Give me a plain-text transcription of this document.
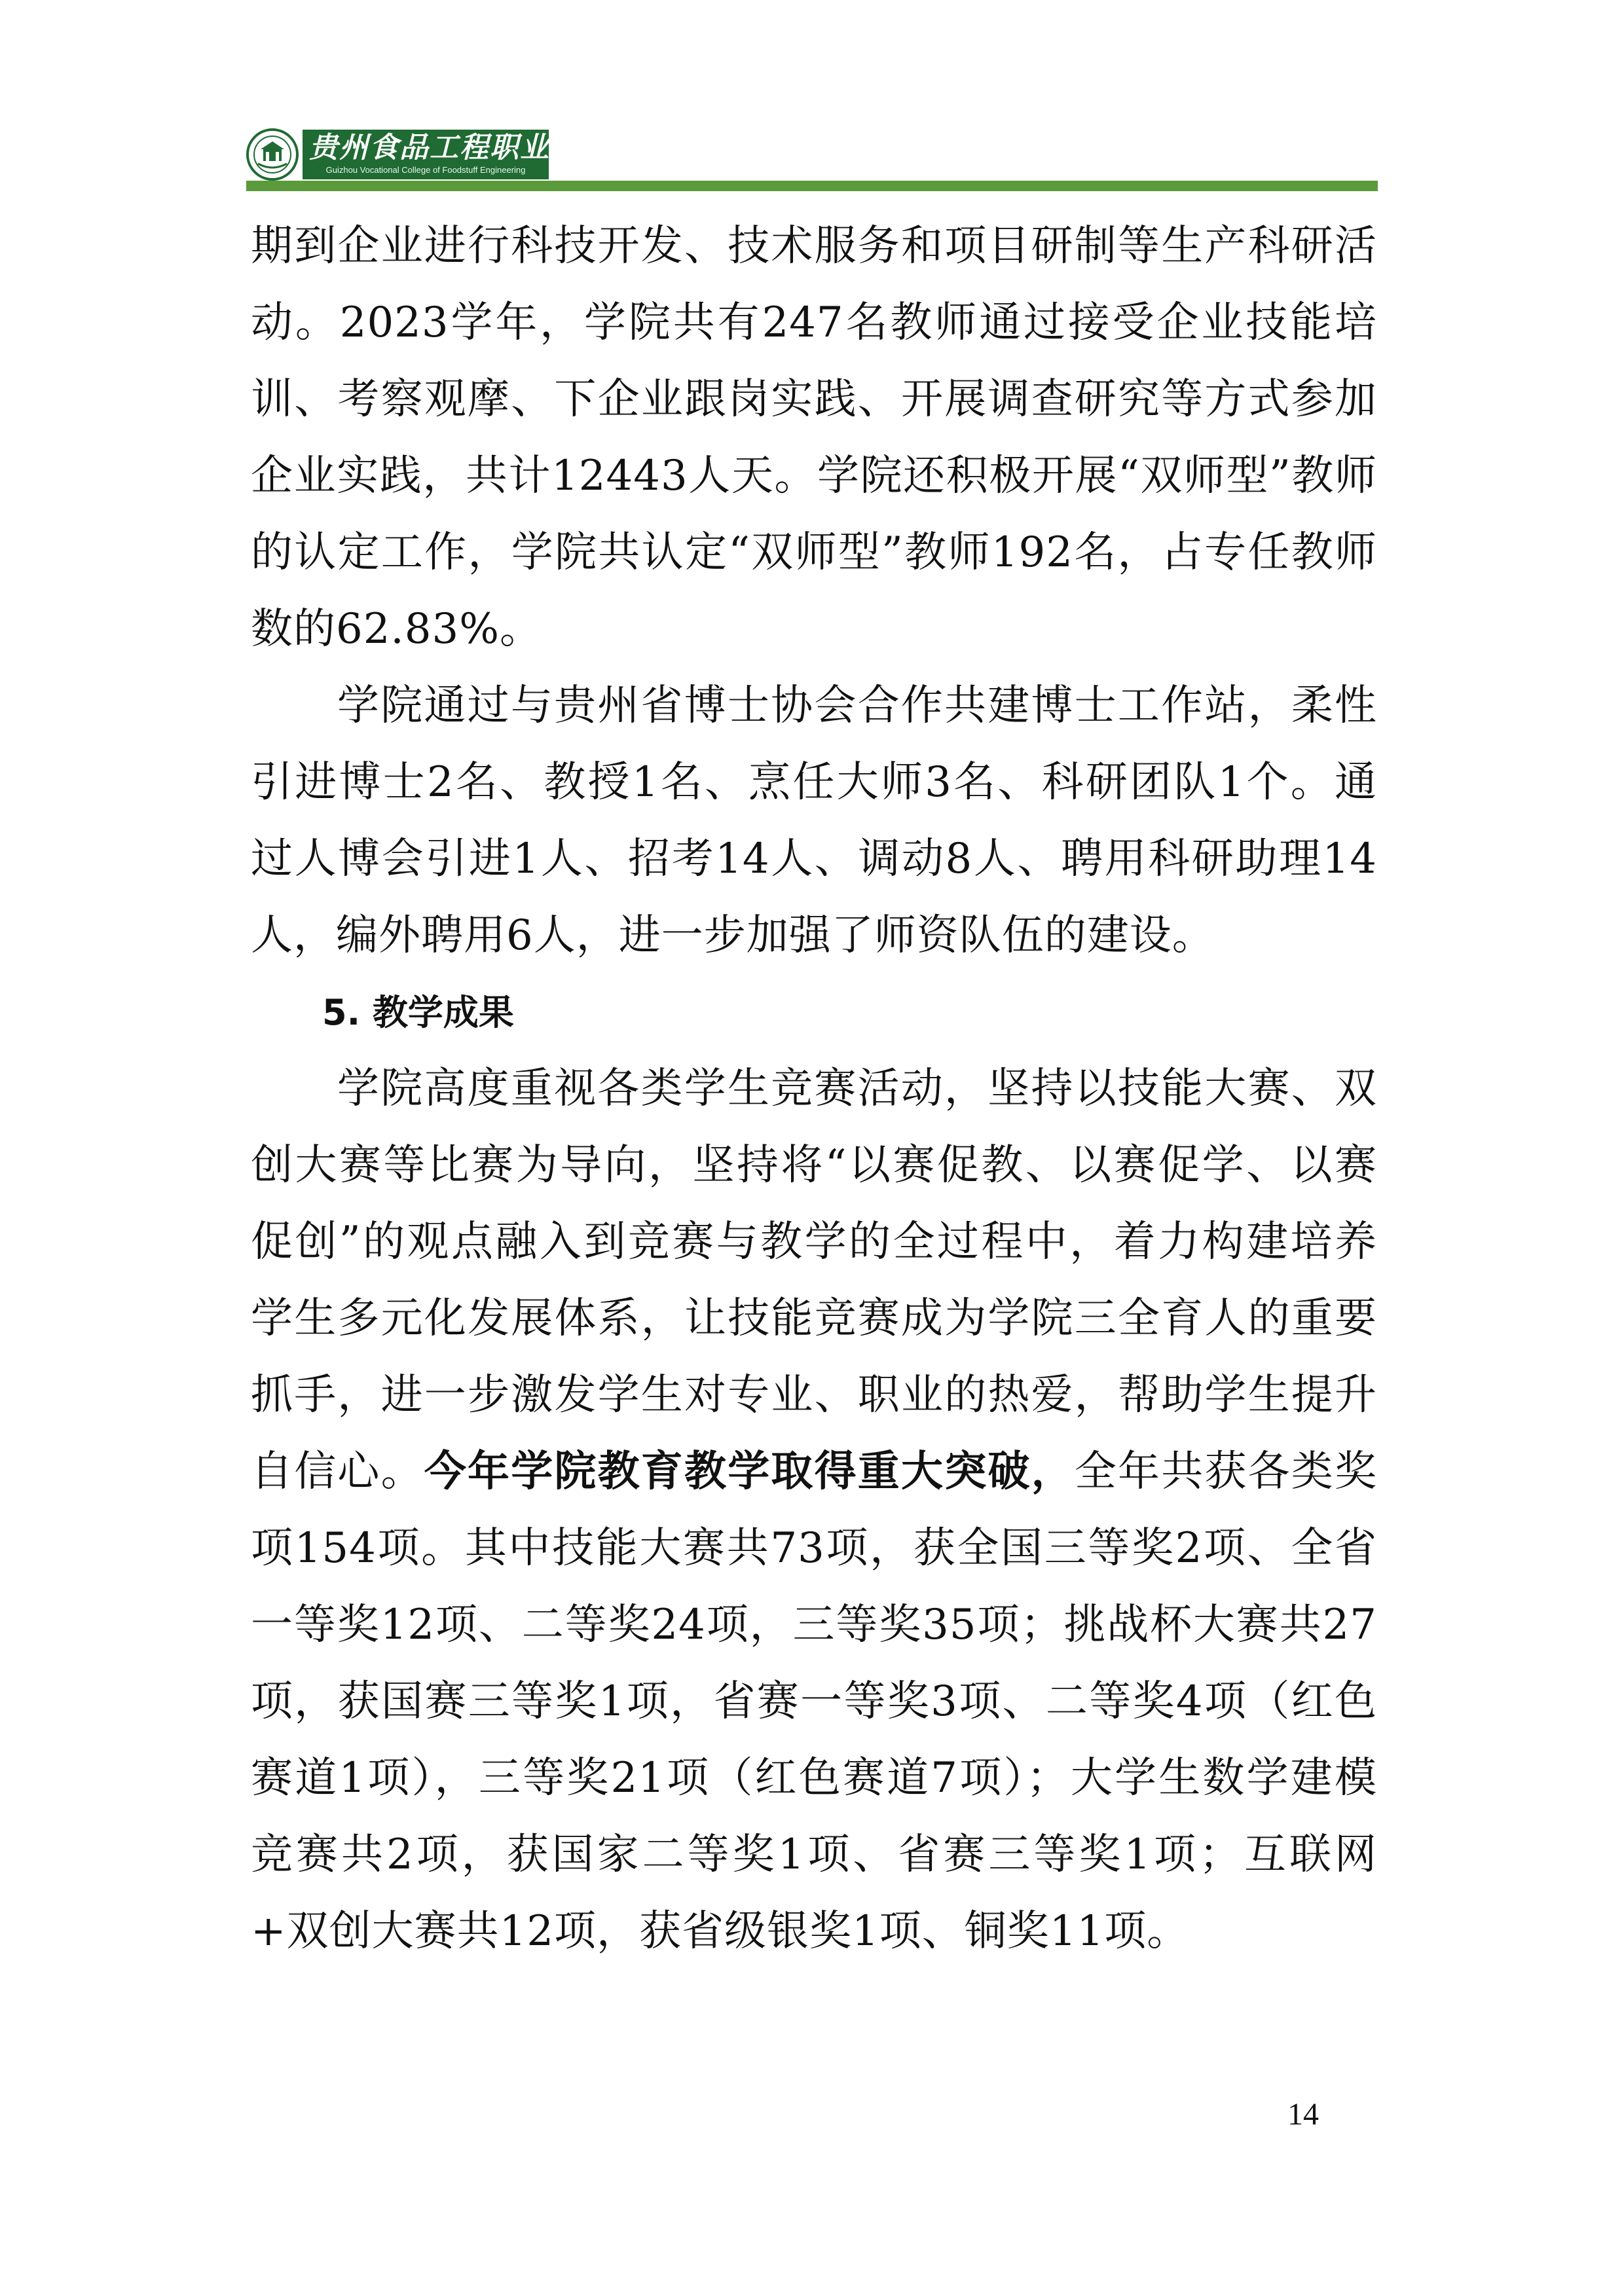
贵州食品工程职业学院
Guizhou Vocational College of Foodstuff Engineering

期到企业进行科技开发、技术服务和项目研制等生产科研活动。2023学年，学院共有247名教师通过接受企业技能培训、考察观摩、下企业跟岗实践、开展调查研究等方式参加企业实践，共计12443人天。学院还积极开展“双师型”教师的认定工作，学院共认定“双师型”教师192名，占专任教师数的62.83%。

学院通过与贵州省博士协会合作共建博士工作站，柔性引进博士2名、教授1名、烹任大师3名、科研团队1个。通过人博会引进1人、招考14人、调动8人、聘用科研助理14人，编外聘用6人，进一步加强了师资队伍的建设。

5. 教学成果

学院高度重视各类学生竞赛活动，坚持以技能大赛、双创大赛等比赛为导向，坚持将“以赛促教、以赛促学、以赛促创”的观点融入到竞赛与教学的全过程中，着力构建培养学生多元化发展体系，让技能竞赛成为学院三全育人的重要抓手，进一步激发学生对专业、职业的热爱，帮助学生提升自信心。今年学院教育教学取得重大突破，全年共获各类奖项154项。其中技能大赛共73项，获全国三等奖2项、全省一等奖12项、二等奖24项，三等奖35项；挑战杯大赛共27项，获国赛三等奖1项，省赛一等奖3项、二等奖4项（红色赛道1项），三等奖21项（红色赛道7项）；大学生数学建模竞赛共2项，获国家二等奖1项、省赛三等奖1项；互联网+双创大赛共12项，获省级银奖1项、铜奖11项。

14
